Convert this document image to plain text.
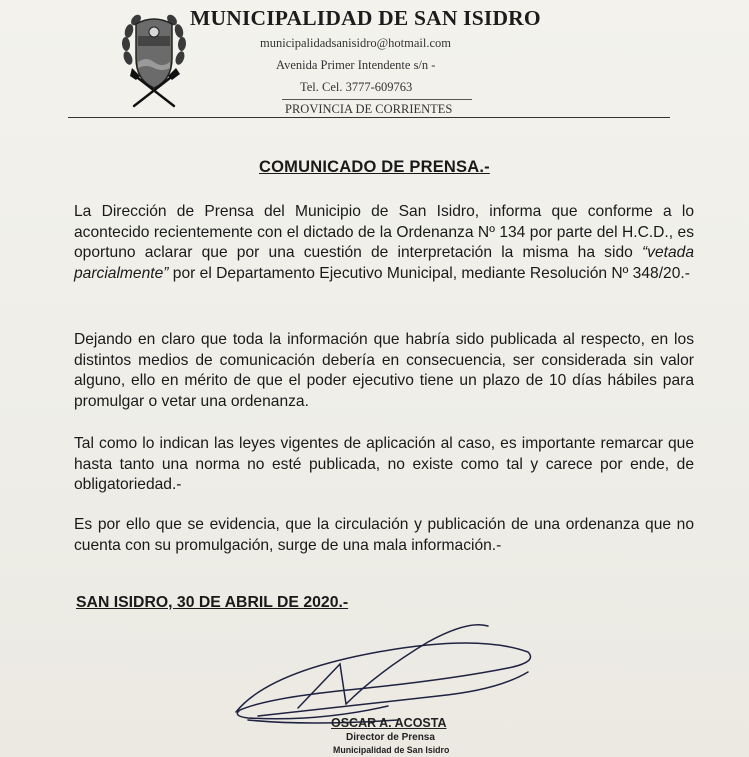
MUNICIPALIDAD DE SAN ISIDRO
municipalidadsanisidro@hotmail.com
Avenida Primer Intendente s/n -
Tel. Cel. 3777-609763
PROVINCIA DE CORRIENTES
COMUNICADO DE PRENSA.-

La Dirección de Prensa del Municipio de San Isidro, informa que conforme a lo acontecido recientemente con el dictado de la Ordenanza Nº 134 por parte del H.C.D., es oportuno aclarar que por una cuestión de interpretación la misma ha sido “vetada parcialmente” por el Departamento Ejecutivo Municipal, mediante Resolución Nº 348/20.-

Dejando en claro que toda la información que habría sido publicada al respecto, en los distintos medios de comunicación debería en consecuencia, ser considerada sin valor alguno, ello en mérito de que el poder ejecutivo tiene un plazo de 10 días hábiles para promulgar o vetar una ordenanza.

Tal como lo indican las leyes vigentes de aplicación al caso, es importante remarcar que hasta tanto una norma no esté publicada, no existe como tal y carece por ende, de obligatoriedad.-

Es por ello que se evidencia, que la circulación y publicación de una ordenanza que no cuenta con su promulgación, surge de una mala información.-

SAN ISIDRO, 30 DE ABRIL DE 2020.-
OSCAR A. ACOSTA
Director de Prensa
Municipalidad de San Isidro
